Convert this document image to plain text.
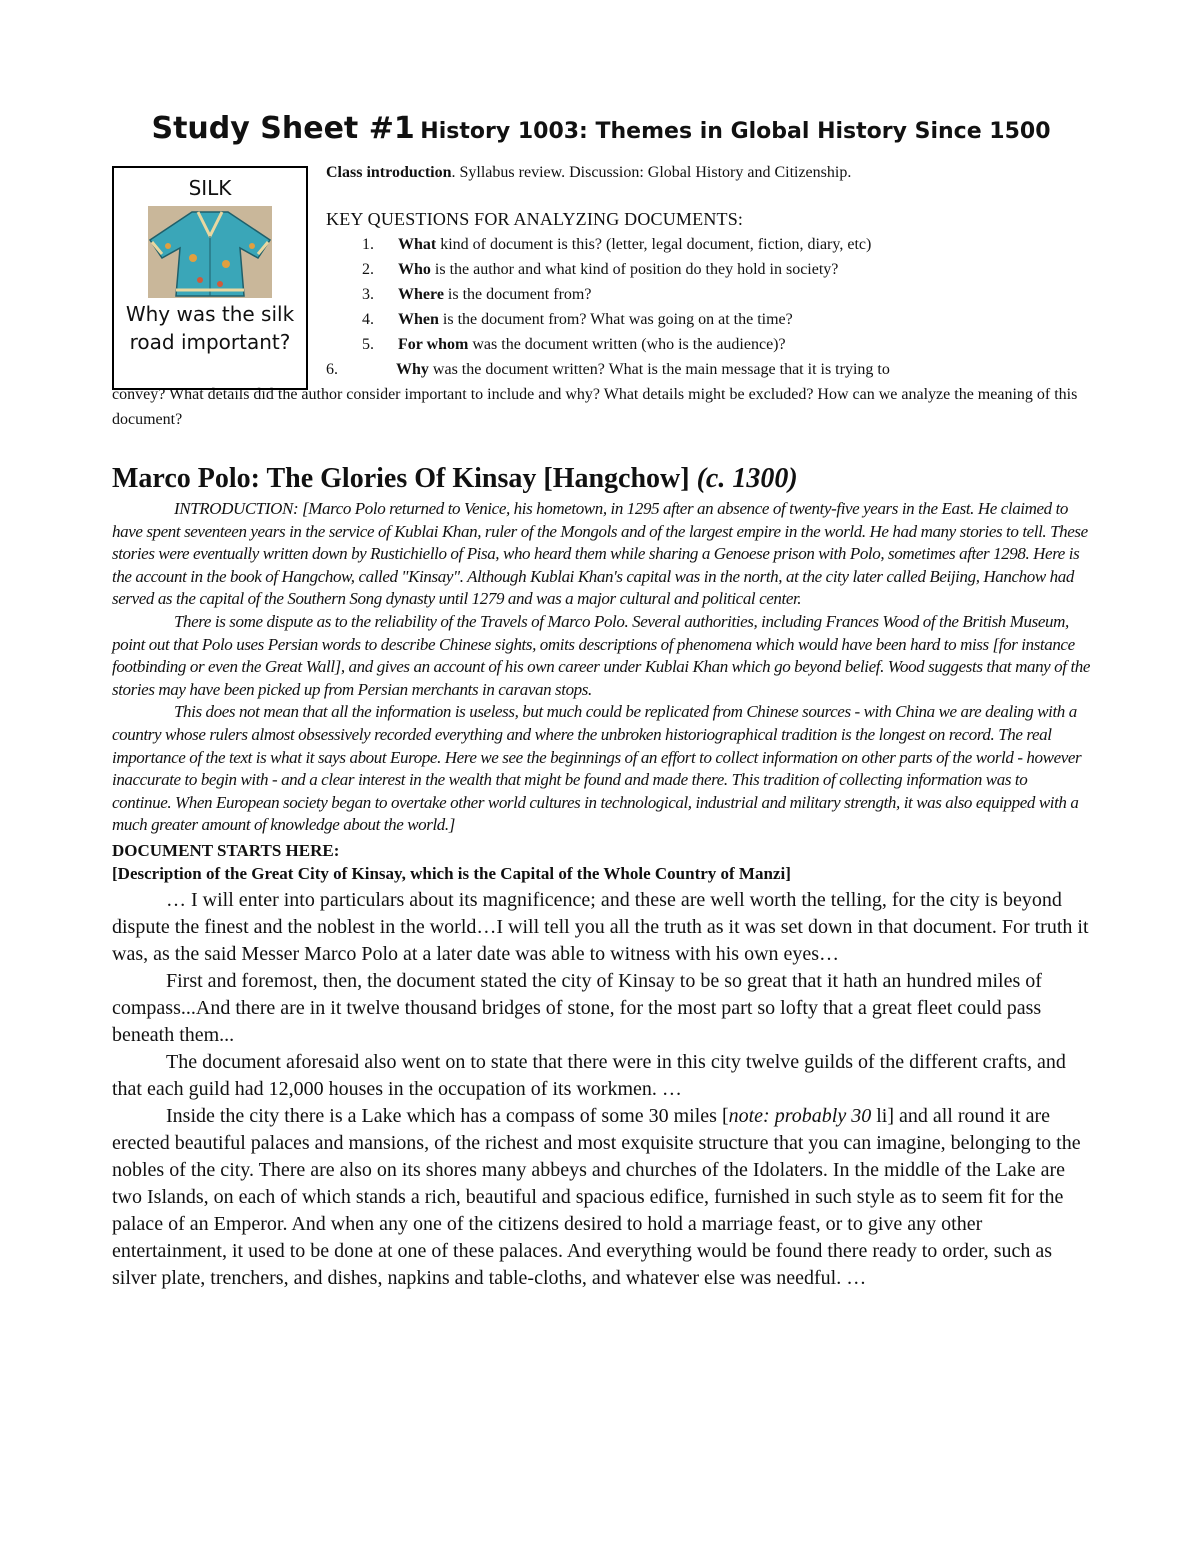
Study Sheet #1 History 1003: Themes in Global History Since 1500
SILK
Why was the silk road important?

Class introduction. Syllabus review. Discussion: Global History and Citizenship.

KEY QUESTIONS FOR ANALYZING DOCUMENTS:

1. What kind of document is this? (letter, legal document, fiction, diary, etc)
2. Who is the author and what kind of position do they hold in society?
3. Where is the document from?
4. When is the document from? What was going on at the time?
5. For whom was the document written (who is the audience)?
6.	Why was the document written? What is the main message that it is trying to
convey? What details did the author consider important to include and why? What details might be excluded? How can we analyze the meaning of this document?
Marco Polo: The Glories Of Kinsay [Hangchow] (c. 1300)

INTRODUCTION: [Marco Polo returned to Venice, his hometown, in 1295 after an absence of twenty-five years in the East. He claimed to have spent seventeen years in the service of Kublai Khan, ruler of the Mongols and of the largest empire in the world. He had many stories to tell. These stories were eventually written down by Rustichiello of Pisa, who heard them while sharing a Genoese prison with Polo, sometimes after 1298. Here is the account in the book of Hangchow, called "Kinsay". Although Kublai Khan's capital was in the north, at the city later called Beijing, Hanchow had served as the capital of the Southern Song dynasty until 1279 and was a major cultural and political center.

There is some dispute as to the reliability of the Travels of Marco Polo. Several authorities, including Frances Wood of the British Museum, point out that Polo uses Persian words to describe Chinese sights, omits descriptions of phenomena which would have been hard to miss [for instance footbinding or even the Great Wall], and gives an account of his own career under Kublai Khan which go beyond belief. Wood suggests that many of the stories may have been picked up from Persian merchants in caravan stops.

This does not mean that all the information is useless, but much could be replicated from Chinese sources - with China we are dealing with a country whose rulers almost obsessively recorded everything and where the unbroken historiographical tradition is the longest on record. The real importance of the text is what it says about Europe. Here we see the beginnings of an effort to collect information on other parts of the world - however inaccurate to begin with - and a clear interest in the wealth that might be found and made there. This tradition of collecting information was to continue. When European society began to overtake other world cultures in technological, industrial and military strength, it was also equipped with a much greater amount of knowledge about the world.]

DOCUMENT STARTS HERE:
[Description of the Great City of Kinsay, which is the Capital of the Whole Country of Manzi]

… I will enter into particulars about its magnificence; and these are well worth the telling, for the city is beyond dispute the finest and the noblest in the world…I will tell you all the truth as it was set down in that document. For truth it was, as the said Messer Marco Polo at a later date was able to witness with his own eyes…

First and foremost, then, the document stated the city of Kinsay to be so great that it hath an hundred miles of compass...And there are in it twelve thousand bridges of stone, for the most part so lofty that a great fleet could pass beneath them...

The document aforesaid also went on to state that there were in this city twelve guilds of the different crafts, and that each guild had 12,000 houses in the occupation of its workmen. …

Inside the city there is a Lake which has a compass of some 30 miles [note: probably 30 li] and all round it are erected beautiful palaces and mansions, of the richest and most exquisite structure that you can imagine, belonging to the nobles of the city. There are also on its shores many abbeys and churches of the Idolaters. In the middle of the Lake are two Islands, on each of which stands a rich, beautiful and spacious edifice, furnished in such style as to seem fit for the palace of an Emperor. And when any one of the citizens desired to hold a marriage feast, or to give any other entertainment, it used to be done at one of these palaces. And everything would be found there ready to order, such as silver plate, trenchers, and dishes, napkins and table-cloths, and whatever else was needful. …
